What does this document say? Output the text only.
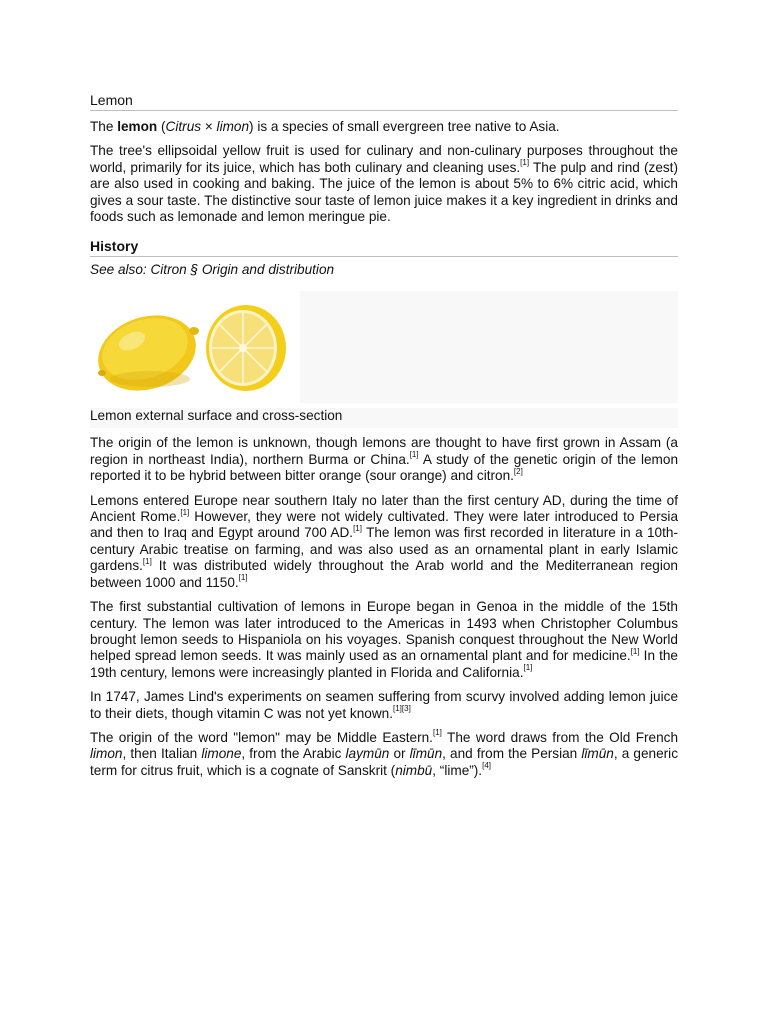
Lemon

The lemon (Citrus × limon) is a species of small evergreen tree native to Asia.

The tree's ellipsoidal yellow fruit is used for culinary and non-culinary purposes throughout the world, primarily for its juice, which has both culinary and cleaning uses.[1] The pulp and rind (zest) are also used in cooking and baking. The juice of the lemon is about 5% to 6% citric acid, which gives a sour taste. The distinctive sour taste of lemon juice makes it a key ingredient in drinks and foods such as lemonade and lemon meringue pie.

History
See also: Citron § Origin and distribution
Lemon external surface and cross-section

The origin of the lemon is unknown, though lemons are thought to have first grown in Assam (a region in northeast India), northern Burma or China.[1] A study of the genetic origin of the lemon reported it to be hybrid between bitter orange (sour orange) and citron.[2]

Lemons entered Europe near southern Italy no later than the first century AD, during the time of Ancient Rome.[1] However, they were not widely cultivated. They were later introduced to Persia and then to Iraq and Egypt around 700 AD.[1] The lemon was first recorded in literature in a 10th-century Arabic treatise on farming, and was also used as an ornamental plant in early Islamic gardens.[1] It was distributed widely throughout the Arab world and the Mediterranean region between 1000 and 1150.[1]

The first substantial cultivation of lemons in Europe began in Genoa in the middle of the 15th century. The lemon was later introduced to the Americas in 1493 when Christopher Columbus brought lemon seeds to Hispaniola on his voyages. Spanish conquest throughout the New World helped spread lemon seeds. It was mainly used as an ornamental plant and for medicine.[1] In the 19th century, lemons were increasingly planted in Florida and California.[1]

In 1747, James Lind's experiments on seamen suffering from scurvy involved adding lemon juice to their diets, though vitamin C was not yet known.[1][3]

The origin of the word "lemon" may be Middle Eastern.[1] The word draws from the Old French limon, then Italian limone, from the Arabic laymūn or līmūn, and from the Persian līmūn, a generic term for citrus fruit, which is a cognate of Sanskrit (nimbū, “lime”).[4]
